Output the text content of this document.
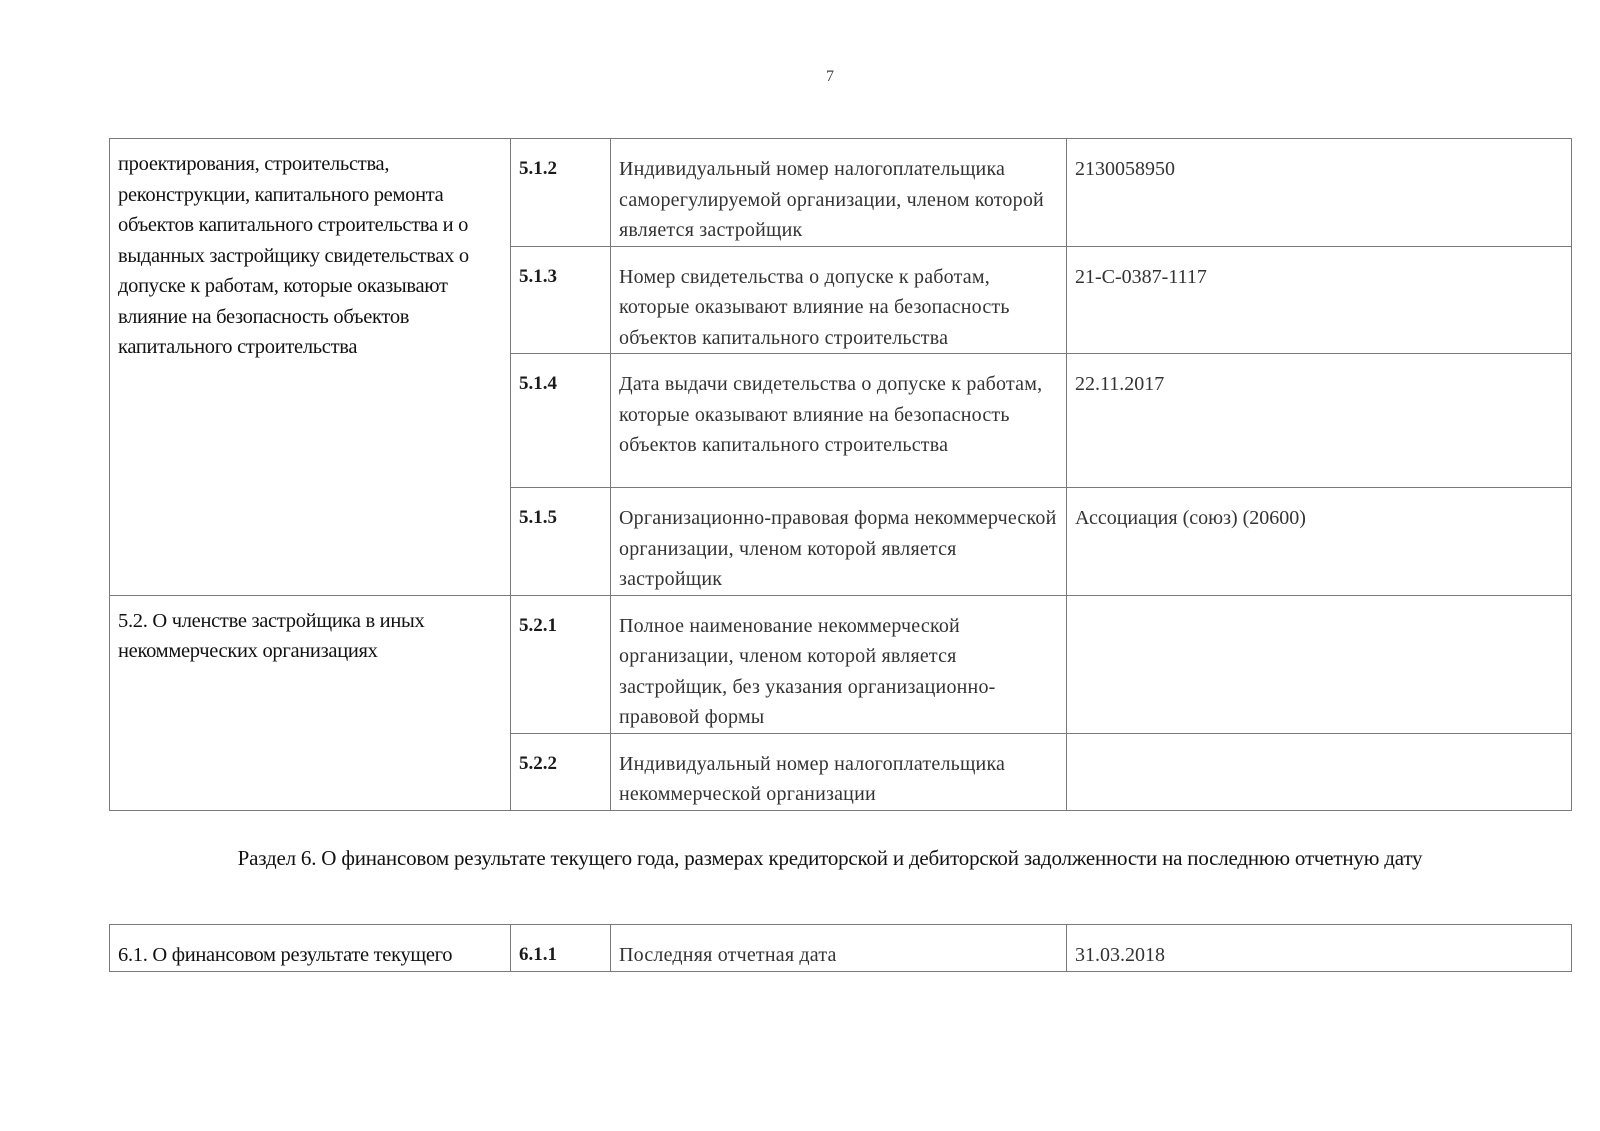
7
проектирования, строительства, реконструкции, капитального ремонта объектов капитального строительства и о выданных застройщику свидетельствах о допуске к работам, которые оказывают влияние на безопасность объектов капитального строительства	5.1.2	Индивидуальный номер налогоплательщика саморегулируемой организации, членом которой является застройщик	2130058950
	5.1.3	Номер свидетельства о допуске к работам, которые оказывают влияние на безопасность объектов капитального строительства	21-С-0387-1117
	5.1.4	Дата выдачи свидетельства о допуске к работам, которые оказывают влияние на безопасность объектов капитального строительства	22.11.2017
	5.1.5	Организационно-правовая форма некоммерческой организации, членом которой является застройщик	Ассоциация (союз) (20600)
5.2. О членстве застройщика в иных некоммерческих организациях	5.2.1	Полное наименование некоммерческой организации, членом которой является застройщик, без указания организационно-правовой формы	
	5.2.2	Индивидуальный номер налогоплательщика некоммерческой организации	
Раздел 6. О финансовом результате текущего года, размерах кредиторской и дебиторской задолженности на последнюю отчетную дату
6.1. О финансовом результате текущего	6.1.1	Последняя отчетная дата	31.03.2018
